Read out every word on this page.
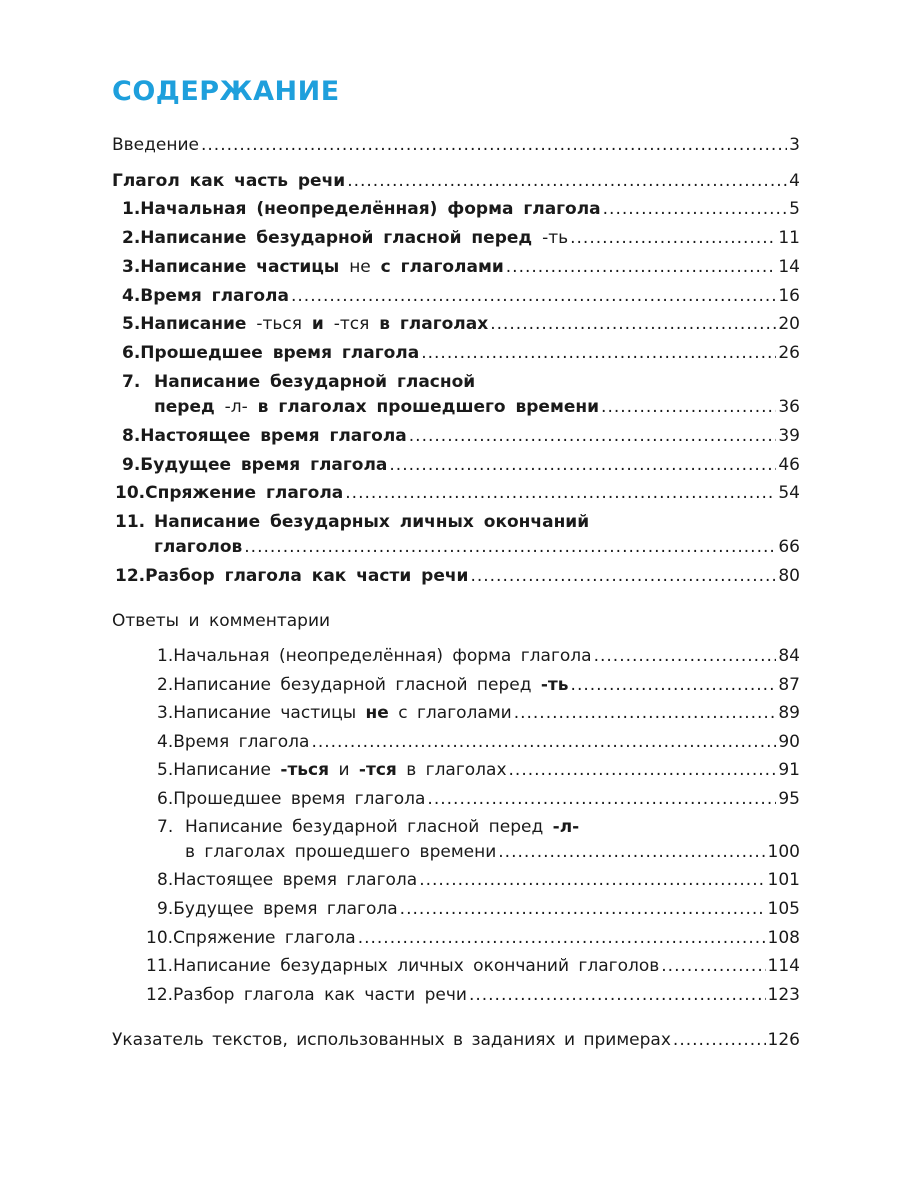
СОДЕРЖАНИЕ
Введение .....	3
Глагол как часть речи .....	4
1. Начальная (неопределённая) форма глагола .....	5
2. Написание безударной гласной перед -ть .....	11
3. Написание частицы не с глаголами .....	14
4. Время глагола .....	16
5. Написание -ться и -тся в глаголах .....	20
6. Прошедшее время глагола .....	26
7. Написание безударной гласной
перед -л- в глаголах прошедшего времени .....	36
8. Настоящее время глагола .....	39
9. Будущее время глагола .....	46
10. Спряжение глагола .....	54
11. Написание безударных личных окончаний
глаголов .....	66
12. Разбор глагола как части речи .....	80
Ответы и комментарии
1. Начальная (неопределённая) форма глагола .....	84
2. Написание безударной гласной перед -ть .....	87
3. Написание частицы не с глаголами .....	89
4. Время глагола .....	90
5. Написание -ться и -тся в глаголах .....	91
6. Прошедшее время глагола .....	95
7. Написание безударной гласной перед -л-
в глаголах прошедшего времени .....	100
8. Настоящее время глагола .....	101
9. Будущее время глагола .....	105
10. Спряжение глагола .....	108
11. Написание безударных личных окончаний глаголов .....	114
12. Разбор глагола как части речи .....	123
Указатель текстов, использованных в заданиях и примерах .....	126
